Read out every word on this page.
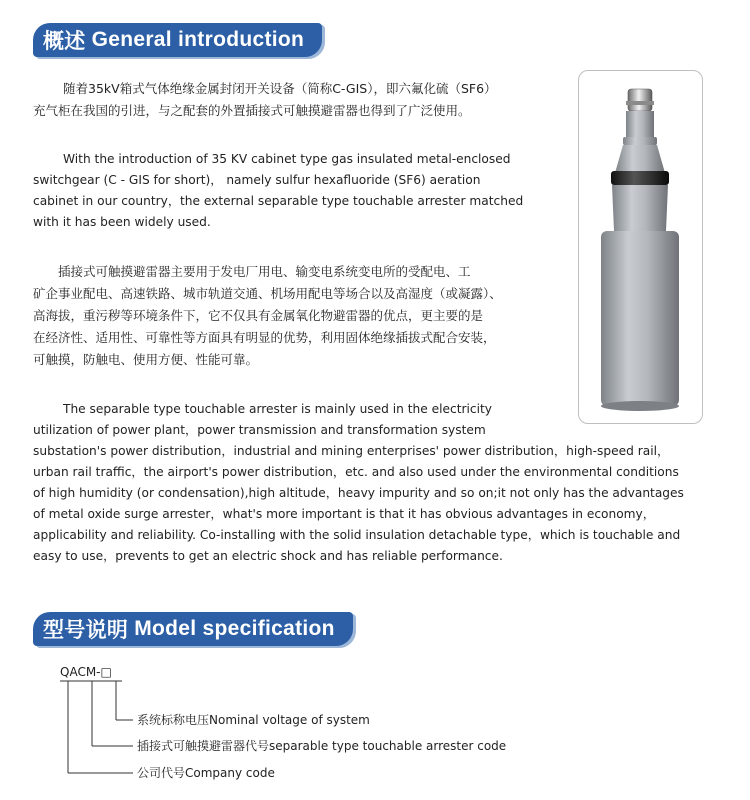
概述 General introduction
随着35kV箱式气体绝缘金属封闭开关设备（简称C-GIS），即六氟化硫（SF6）
充气柜在我国的引进，与之配套的外置插接式可触摸避雷器也得到了广泛使用。
With the introduction of 35 KV cabinet type gas insulated metal-enclosed
switchgear (C - GIS for short)， namely sulfur hexafluoride (SF6) aeration
cabinet in our country，the external separable type touchable arrester matched
with it has been widely used.
插接式可触摸避雷器主要用于发电厂用电、输变电系统变电所的受配电、工
矿企事业配电、高速铁路、城市轨道交通、机场用配电等场合以及高湿度（或凝露）、
高海拔，重污秽等环境条件下，它不仅具有金属氧化物避雷器的优点，更主要的是
在经济性、适用性、可靠性等方面具有明显的优势，利用固体绝缘插拔式配合安装，
可触摸，防触电、使用方便、性能可靠。
The separable type touchable arrester is mainly used in the electricity
utilization of power plant，power transmission and transformation system
substation's power distribution，industrial and mining enterprises' power distribution，high-speed rail，
urban rail traffic，the airport's power distribution，etc. and also used under the environmental conditions
of high humidity (or condensation),high altitude，heavy impurity and so on;it not only has the advantages
of metal oxide surge arrester，what's more important is that it has obvious advantages in economy，
applicability and reliability. Co-installing with the solid insulation detachable type，which is touchable and
easy to use，prevents to get an electric shock and has reliable performance.
型号说明 Model specification
QACM-□
系统标称电压Nominal voltage of system
插接式可触摸避雷器代号separable type touchable arrester code
公司代号Company code
